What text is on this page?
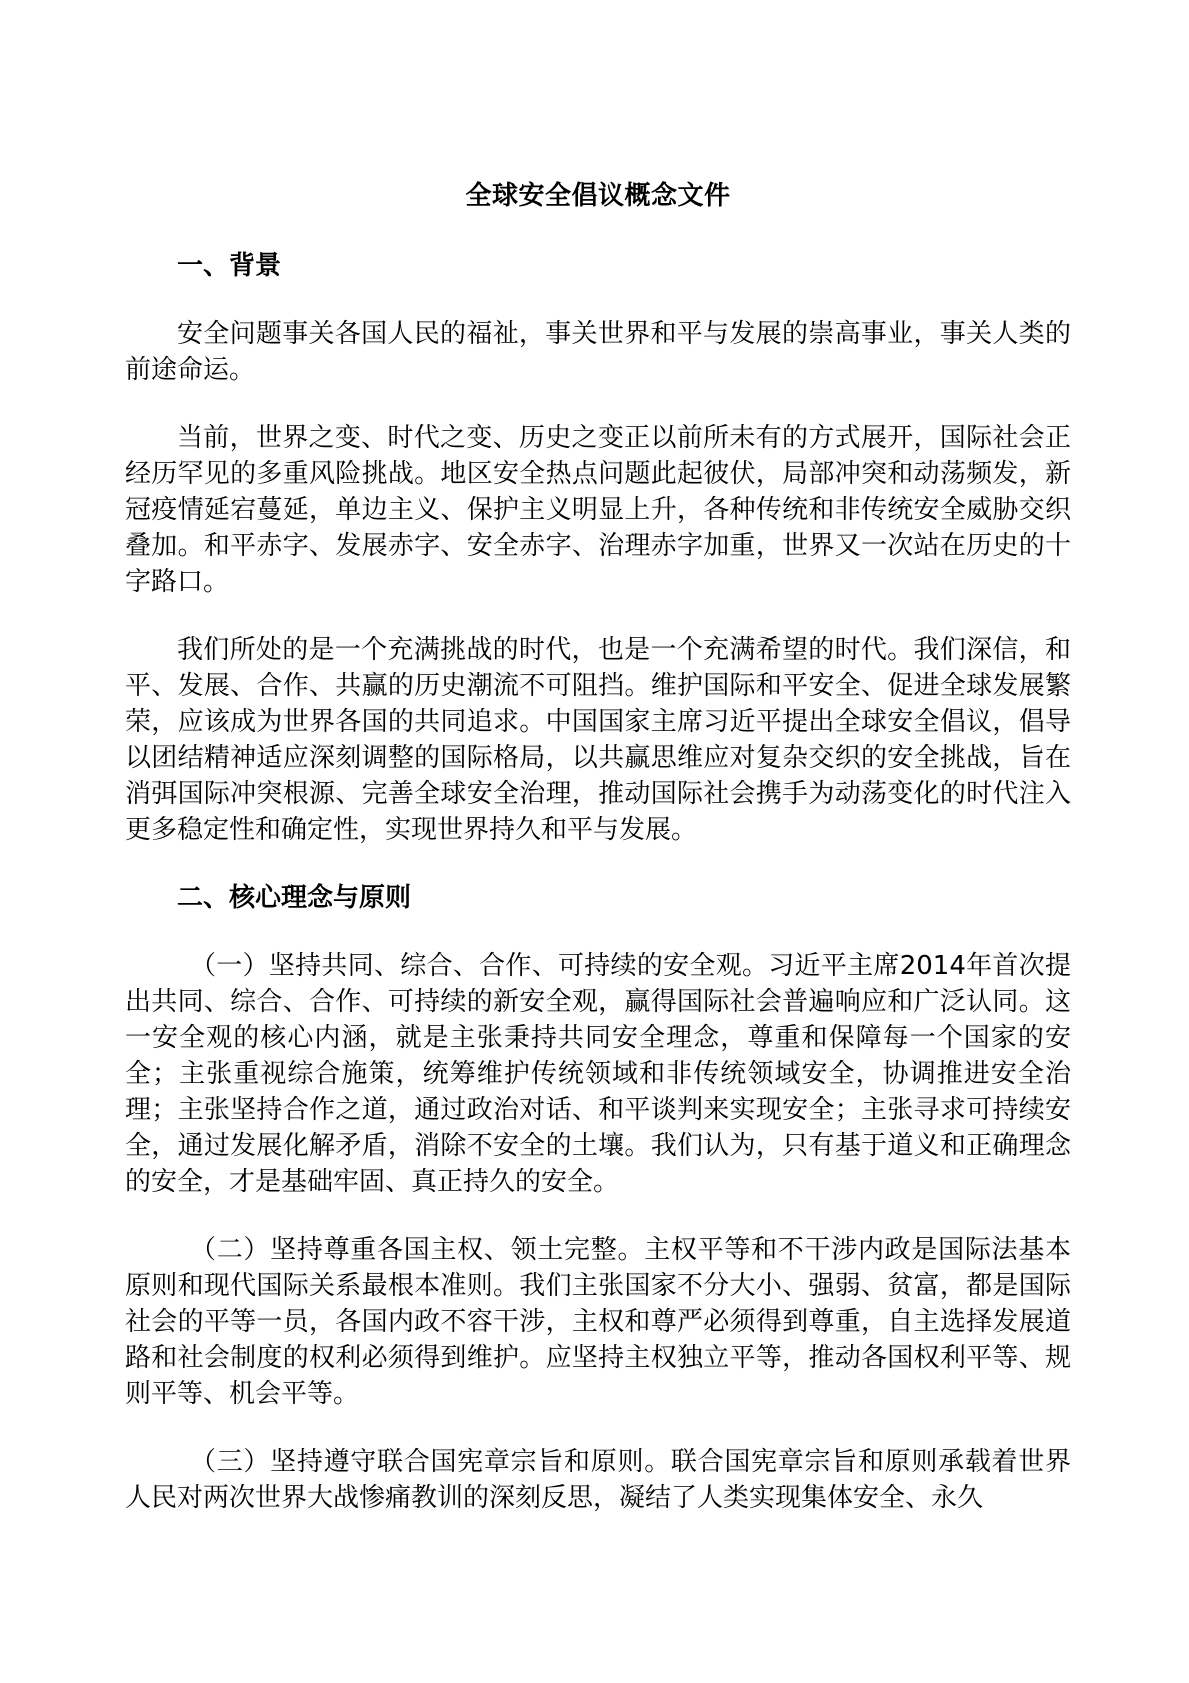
全球安全倡议概念文件
一、背景

安全问题事关各国人民的福祉，事关世界和平与发展的崇高事业，事关人类的前途命运。

当前，世界之变、时代之变、历史之变正以前所未有的方式展开，国际社会正经历罕见的多重风险挑战。地区安全热点问题此起彼伏，局部冲突和动荡频发，新冠疫情延宕蔓延，单边主义、保护主义明显上升，各种传统和非传统安全威胁交织叠加。和平赤字、发展赤字、安全赤字、治理赤字加重，世界又一次站在历史的十字路口。

我们所处的是一个充满挑战的时代，也是一个充满希望的时代。我们深信，和平、发展、合作、共赢的历史潮流不可阻挡。维护国际和平安全、促进全球发展繁荣，应该成为世界各国的共同追求。中国国家主席习近平提出全球安全倡议，倡导以团结精神适应深刻调整的国际格局，以共赢思维应对复杂交织的安全挑战，旨在消弭国际冲突根源、完善全球安全治理，推动国际社会携手为动荡变化的时代注入更多稳定性和确定性，实现世界持久和平与发展。

二、核心理念与原则

（一）坚持共同、综合、合作、可持续的安全观。习近平主席2014年首次提出共同、综合、合作、可持续的新安全观，赢得国际社会普遍响应和广泛认同。这一安全观的核心内涵，就是主张秉持共同安全理念，尊重和保障每一个国家的安全；主张重视综合施策，统筹维护传统领域和非传统领域安全，协调推进安全治理；主张坚持合作之道，通过政治对话、和平谈判来实现安全；主张寻求可持续安全，通过发展化解矛盾，消除不安全的土壤。我们认为，只有基于道义和正确理念的安全，才是基础牢固、真正持久的安全。

（二）坚持尊重各国主权、领土完整。主权平等和不干涉内政是国际法基本原则和现代国际关系最根本准则。我们主张国家不分大小、强弱、贫富，都是国际社会的平等一员，各国内政不容干涉，主权和尊严必须得到尊重，自主选择发展道路和社会制度的权利必须得到维护。应坚持主权独立平等，推动各国权利平等、规则平等、机会平等。

（三）坚持遵守联合国宪章宗旨和原则。联合国宪章宗旨和原则承载着世界人民对两次世界大战惨痛教训的深刻反思，凝结了人类实现集体安全、永久
